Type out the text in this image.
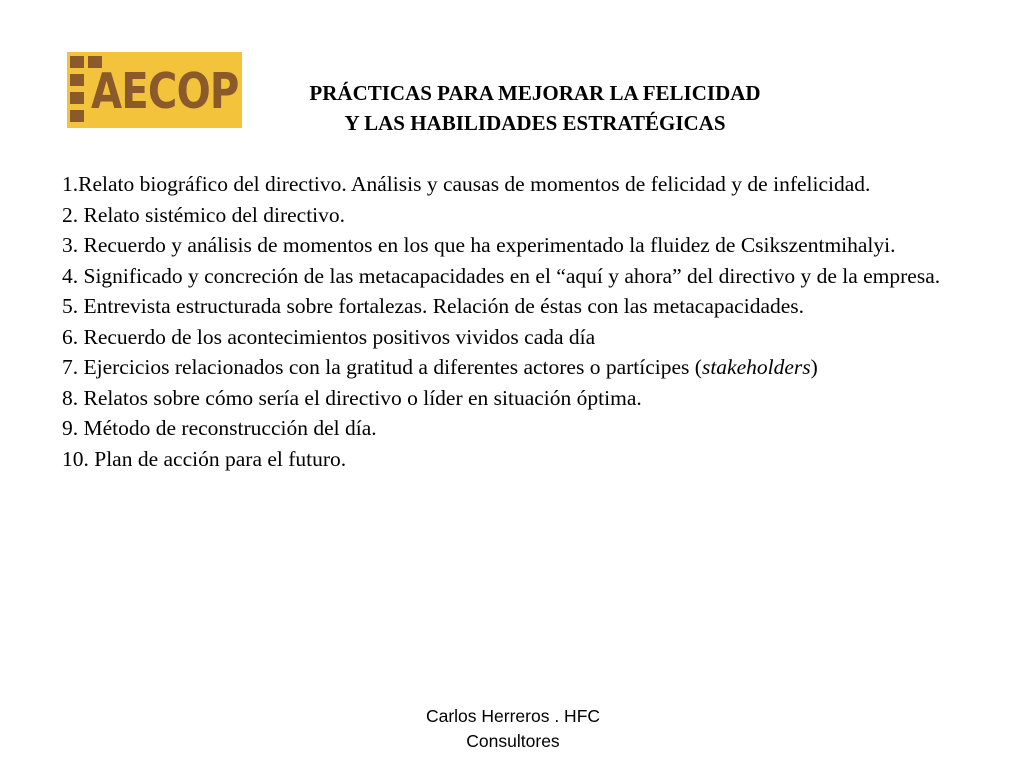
AECOP	PRÁCTICAS PARA MEJORAR LA FELICIDAD
Y LAS HABILIDADES ESTRATÉGICAS
1.Relato biográfico del directivo. Análisis y causas de momentos de felicidad y de infelicidad.
2. Relato sistémico del directivo.
3. Recuerdo y análisis de momentos en los que ha experimentado la fluidez de Csikszentmihalyi.
4. Significado y concreción de las metacapacidades en el “aquí y ahora” del directivo y de la empresa.
5. Entrevista estructurada sobre fortalezas. Relación de éstas con las metacapacidades.
6. Recuerdo de los acontecimientos positivos vividos cada día
7. Ejercicios relacionados con la gratitud a diferentes actores o partícipes (stakeholders)
8. Relatos sobre cómo sería el directivo o líder en situación óptima.
9. Método de reconstrucción del día.
10. Plan de acción para el futuro.
Carlos Herreros . HFC
Consultores
